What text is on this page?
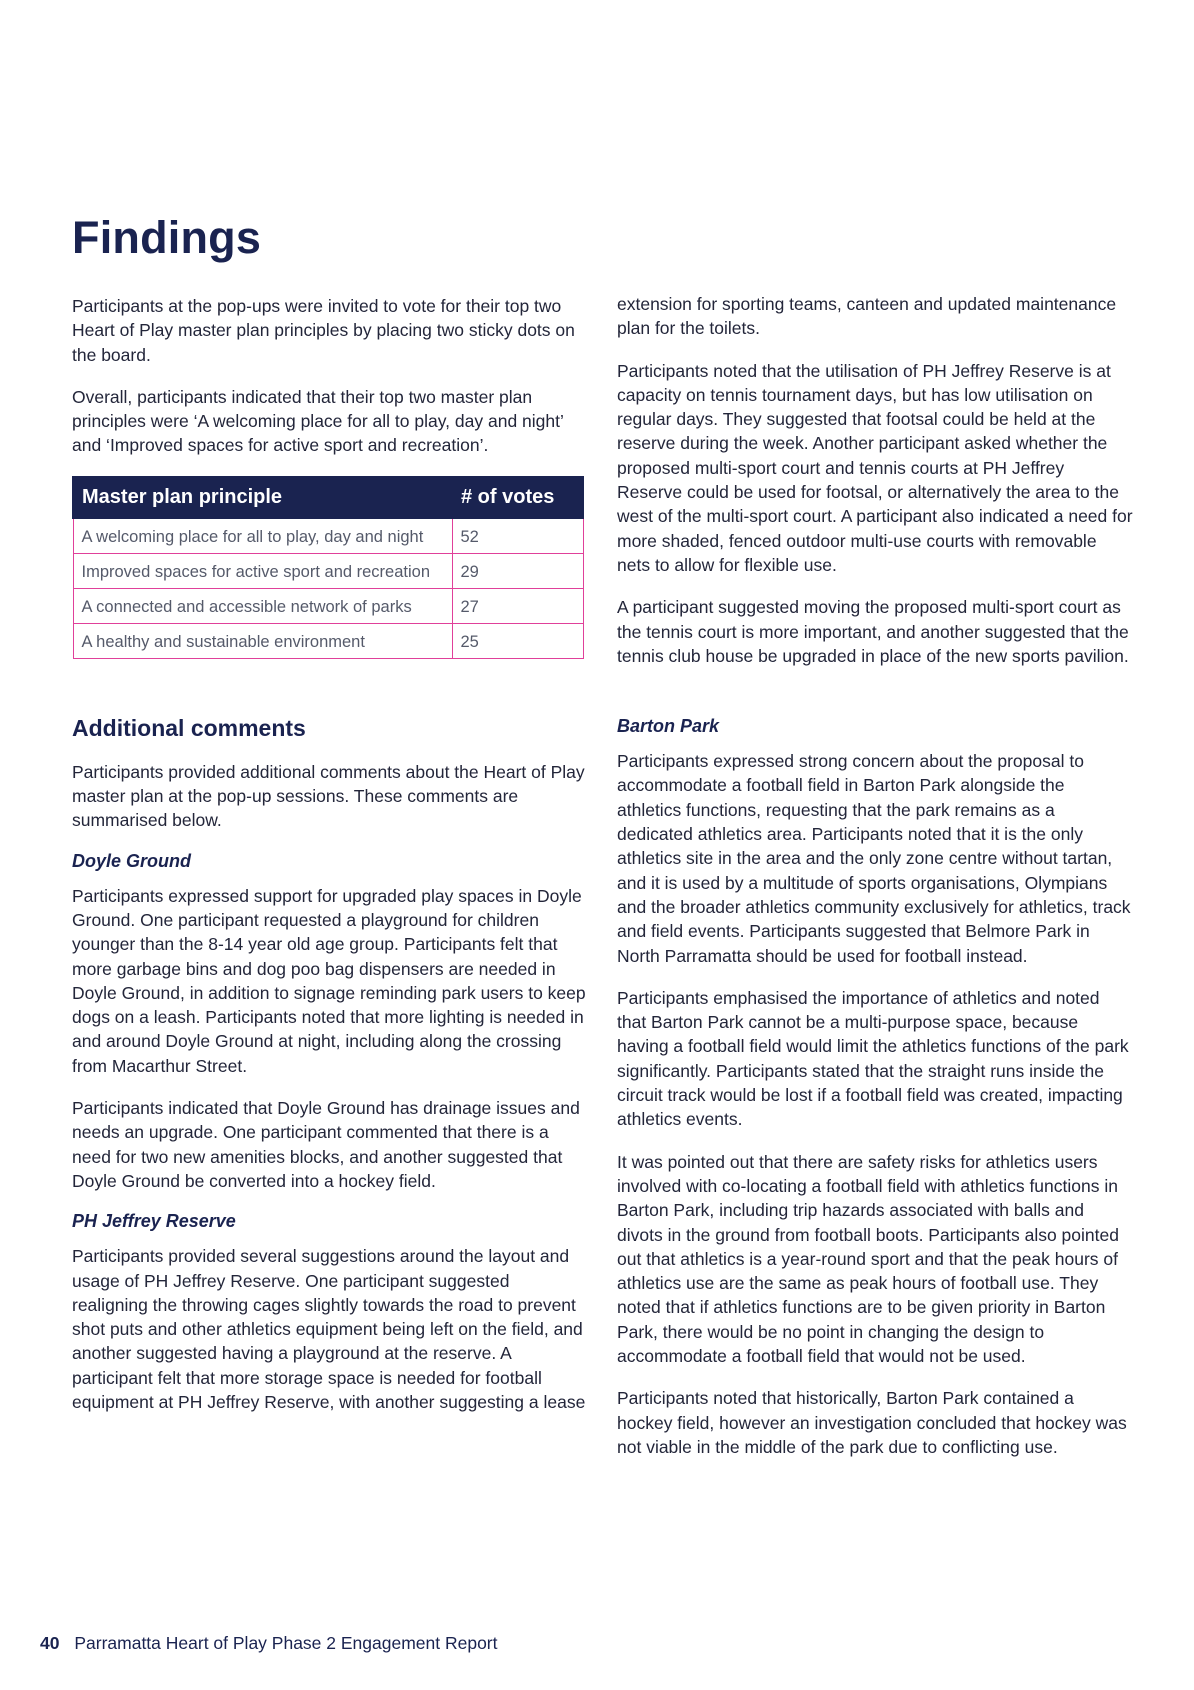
Findings

Participants at the pop-ups were invited to vote for their top two Heart of Play master plan principles by placing two sticky dots on the board.

Overall, participants indicated that their top two master plan principles were ‘A welcoming place for all to play, day and night’ and ‘Improved spaces for active sport and recreation’.

Master plan principle	# of votes
A welcoming place for all to play, day and night	52
Improved spaces for active sport and recreation	29
A connected and accessible network of parks	27
A healthy and sustainable environment	25
Additional comments

Participants provided additional comments about the Heart of Play master plan at the pop-up sessions. These comments are summarised below.

Doyle Ground

Participants expressed support for upgraded play spaces in Doyle Ground. One participant requested a playground for children younger than the 8-14 year old age group. Participants felt that more garbage bins and dog poo bag dispensers are needed in Doyle Ground, in addition to signage reminding park users to keep dogs on a leash. Participants noted that more lighting is needed in and around Doyle Ground at night, including along the crossing from Macarthur Street.

Participants indicated that Doyle Ground has drainage issues and needs an upgrade. One participant commented that there is a need for two new amenities blocks, and another suggested that Doyle Ground be converted into a hockey field.

PH Jeffrey Reserve

Participants provided several suggestions around the layout and usage of PH Jeffrey Reserve. One participant suggested realigning the throwing cages slightly towards the road to prevent shot puts and other athletics equipment being left on the field, and another suggested having a playground at the reserve. A participant felt that more storage space is needed for football equipment at PH Jeffrey Reserve, with another suggesting a lease

extension for sporting teams, canteen and updated maintenance plan for the toilets.

Participants noted that the utilisation of PH Jeffrey Reserve is at capacity on tennis tournament days, but has low utilisation on regular days. They suggested that footsal could be held at the reserve during the week. Another participant asked whether the proposed multi-sport court and tennis courts at PH Jeffrey Reserve could be used for footsal, or alternatively the area to the west of the multi-sport court. A participant also indicated a need for more shaded, fenced outdoor multi-use courts with removable nets to allow for flexible use.

A participant suggested moving the proposed multi-sport court as the tennis court is more important, and another suggested that the tennis club house be upgraded in place of the new sports pavilion.

Barton Park

Participants expressed strong concern about the proposal to accommodate a football field in Barton Park alongside the athletics functions, requesting that the park remains as a dedicated athletics area. Participants noted that it is the only athletics site in the area and the only zone centre without tartan, and it is used by a multitude of sports organisations, Olympians and the broader athletics community exclusively for athletics, track and field events. Participants suggested that Belmore Park in North Parramatta should be used for football instead.

Participants emphasised the importance of athletics and noted that Barton Park cannot be a multi-purpose space, because having a football field would limit the athletics functions of the park significantly. Participants stated that the straight runs inside the circuit track would be lost if a football field was created, impacting athletics events.

It was pointed out that there are safety risks for athletics users involved with co-locating a football field with athletics functions in Barton Park, including trip hazards associated with balls and divots in the ground from football boots. Participants also pointed out that athletics is a year-round sport and that the peak hours of athletics use are the same as peak hours of football use. They noted that if athletics functions are to be given priority in Barton Park, there would be no point in changing the design to accommodate a football field that would not be used.

Participants noted that historically, Barton Park contained a hockey field, however an investigation concluded that hockey was not viable in the middle of the park due to conflicting use.

40 Parramatta Heart of Play Phase 2 Engagement Report
